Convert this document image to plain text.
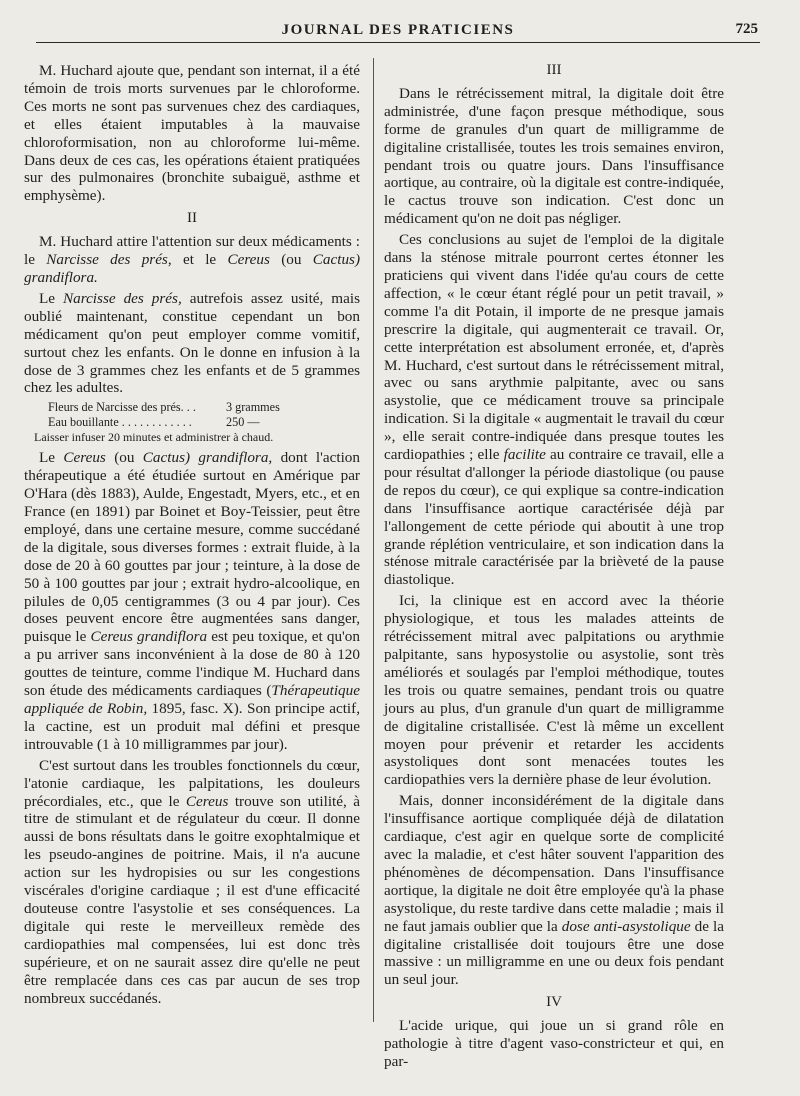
JOURNAL DES PRATICIENS	725

M. Huchard ajoute que, pendant son internat, il a été témoin de trois morts survenues par le chloroforme. Ces morts ne sont pas survenues chez des cardiaques, et elles étaient imputables à la mauvaise chloroformisation, non au chloroforme lui-même. Dans deux de ces cas, les opérations étaient pratiquées sur des pulmonaires (bronchite subaiguë, asthme et emphysème).

II

M. Huchard attire l'attention sur deux médicaments : le Narcisse des prés, et le Cereus (ou Cactus) grandiflora.

Le Narcisse des prés, autrefois assez usité, mais oublié maintenant, constitue cependant un bon médicament qu'on peut employer comme vomitif, surtout chez les enfants. On le donne en infusion à la dose de 3 grammes chez les enfants et de 5 grammes chez les adultes.

Fleurs de Narcisse des prés. . .	3 grammes
Eau bouillante . . . . . . . . . . . .	250 —
Laisser infuser 20 minutes et administrer à chaud.

Le Cereus (ou Cactus) grandiflora, dont l'action thérapeutique a été étudiée surtout en Amérique par O'Hara (dès 1883), Aulde, Engestadt, Myers, etc., et en France (en 1891) par Boinet et Boy-Teissier, peut être employé, dans une certaine mesure, comme succédané de la digitale, sous diverses formes : extrait fluide, à la dose de 20 à 60 gouttes par jour ; teinture, à la dose de 50 à 100 gouttes par jour ; extrait hydro-alcoolique, en pilules de 0,05 centigrammes (3 ou 4 par jour). Ces doses peuvent encore être augmentées sans danger, puisque le Cereus grandiflora est peu toxique, et qu'on a pu arriver sans inconvénient à la dose de 80 à 120 gouttes de teinture, comme l'indique M. Huchard dans son étude des médicaments cardiaques (Thérapeutique appliquée de Robin, 1895, fasc. X). Son principe actif, la cactine, est un produit mal défini et presque introuvable (1 à 10 milligrammes par jour).

C'est surtout dans les troubles fonctionnels du cœur, l'atonie cardiaque, les palpitations, les douleurs précordiales, etc., que le Cereus trouve son utilité, à titre de stimulant et de régulateur du cœur. Il donne aussi de bons résultats dans le goitre exophtalmique et les pseudo-angines de poitrine. Mais, il n'a aucune action sur les hydropisies ou sur les congestions viscérales d'origine cardiaque ; il est d'une efficacité douteuse contre l'asystolie et ses conséquences. La digitale qui reste le merveilleux remède des cardiopathies mal compensées, lui est donc très supérieure, et on ne saurait assez dire qu'elle ne peut être remplacée dans ces cas par aucun de ses trop nombreux succédanés.

III

Dans le rétrécissement mitral, la digitale doit être administrée, d'une façon presque méthodique, sous forme de granules d'un quart de milligramme de digitaline cristallisée, toutes les trois semaines environ, pendant trois ou quatre jours. Dans l'insuffisance aortique, au contraire, où la digitale est contre-indiquée, le cactus trouve son indication. C'est donc un médicament qu'on ne doit pas négliger.

Ces conclusions au sujet de l'emploi de la digitale dans la sténose mitrale pourront certes étonner les praticiens qui vivent dans l'idée qu'au cours de cette affection, « le cœur étant réglé pour un petit travail, » comme l'a dit Potain, il importe de ne presque jamais prescrire la digitale, qui augmenterait ce travail. Or, cette interprétation est absolument erronée, et, d'après M. Huchard, c'est surtout dans le rétrécissement mitral, avec ou sans arythmie palpitante, avec ou sans asystolie, que ce médicament trouve sa principale indication. Si la digitale « augmentait le travail du cœur », elle serait contre-indiquée dans presque toutes les cardiopathies ; elle facilite au contraire ce travail, elle a pour résultat d'allonger la période diastolique (ou pause de repos du cœur), ce qui explique sa contre-indication dans l'insuffisance aortique caractérisée déjà par l'allongement de cette période qui aboutit à une trop grande réplétion ventriculaire, et son indication dans la sténose mitrale caractérisée par la brièveté de la pause diastolique.

Ici, la clinique est en accord avec la théorie physiologique, et tous les malades atteints de rétrécissement mitral avec palpitations ou arythmie palpitante, sans hyposystolie ou asystolie, sont très améliorés et soulagés par l'emploi méthodique, toutes les trois ou quatre semaines, pendant trois ou quatre jours au plus, d'un granule d'un quart de milligramme de digitaline cristallisée. C'est là même un excellent moyen pour prévenir et retarder les accidents asystoliques dont sont menacées toutes les cardiopathies vers la dernière phase de leur évolution.

Mais, donner inconsidérément de la digitale dans l'insuffisance aortique compliquée déjà de dilatation cardiaque, c'est agir en quelque sorte de complicité avec la maladie, et c'est hâter souvent l'apparition des phénomènes de décompensation. Dans l'insuffisance aortique, la digitale ne doit être employée qu'à la phase asystolique, du reste tardive dans cette maladie ; mais il ne faut jamais oublier que la dose anti-asystolique de la digitaline cristallisée doit toujours être une dose massive : un milligramme en une ou deux fois pendant un seul jour.

IV

L'acide urique, qui joue un si grand rôle en pathologie à titre d'agent vaso-constricteur et qui, en par-
